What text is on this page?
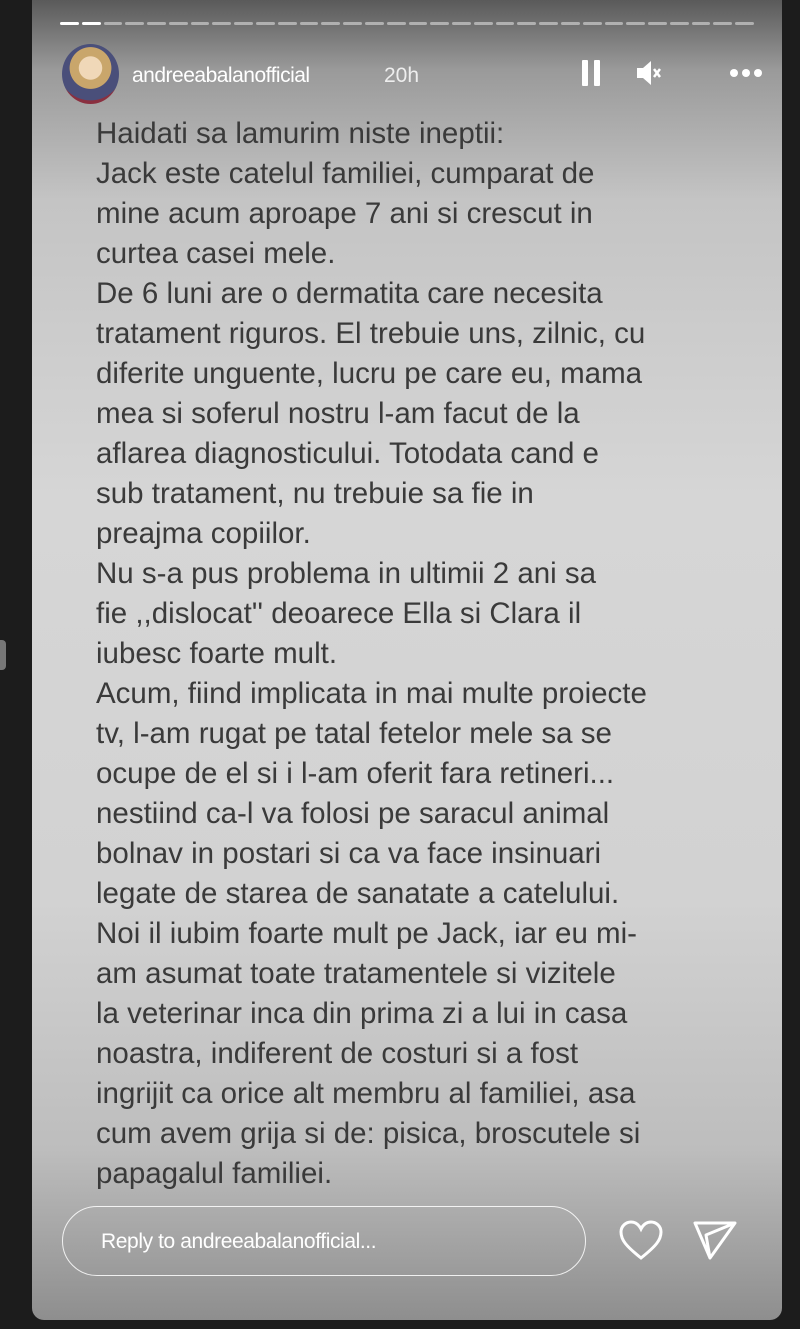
Haidati sa lamurim niste ineptii:
Jack este catelul familiei, cumparat de
mine acum aproape 7 ani si crescut in
curtea casei mele.
De 6 luni are o dermatita care necesita
tratament riguros. El trebuie uns, zilnic, cu
diferite unguente, lucru pe care eu, mama
mea si soferul nostru l-am facut de la
aflarea diagnosticului. Totodata cand e
sub tratament, nu trebuie sa fie in
preajma copiilor.
Nu s-a pus problema in ultimii 2 ani sa
fie ,,dislocat'' deoarece Ella si Clara il
iubesc foarte mult.
Acum, fiind implicata in mai multe proiecte
tv, l-am rugat pe tatal fetelor mele sa se
ocupe de el si i l-am oferit fara retineri...
nestiind ca-l va folosi pe saracul animal
bolnav in postari si ca va face insinuari
legate de starea de sanatate a catelului.
Noi il iubim foarte mult pe Jack, iar eu mi-
am asumat toate tratamentele si vizitele
la veterinar inca din prima zi a lui in casa
noastra, indiferent de costuri si a fost
ingrijit ca orice alt membru al familiei, asa
cum avem grija si de: pisica, broscutele si
papagalul familiei.
andreeabalanofficial	20h
Reply to andreeabalanofficial...
